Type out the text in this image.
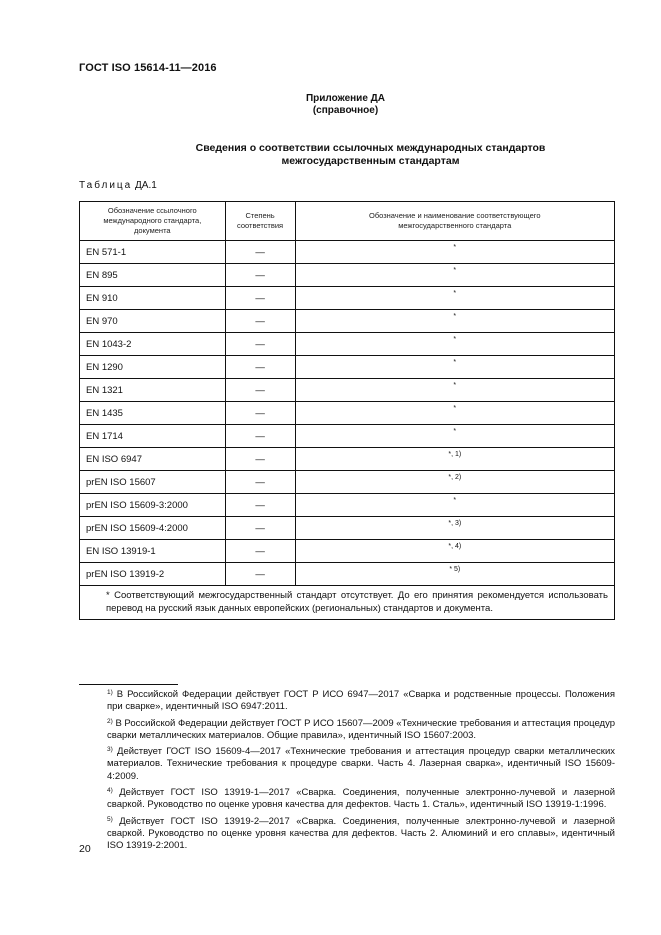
ГОСТ ISO 15614-11—2016
Приложение ДА
(справочное)
Сведения о соответствии ссылочных международных стандартов
межгосударственным стандартам
Таблица ДА.1
Обозначение ссылочного международного стандарта, документа	Степень соответствия	Обозначение и наименование соответствующего межгосударственного стандарта
EN 571-1	—	*
EN 895	—	*
EN 910	—	*
EN 970	—	*
EN 1043-2	—	*
EN 1290	—	*
EN 1321	—	*
EN 1435	—	*
EN 1714	—	*
EN ISO 6947	—	*, 1)
prEN ISO 15607	—	*, 2)
prEN ISO 15609-3:2000	—	*
prEN ISO 15609-4:2000	—	*, 3)
EN ISO 13919-1	—	*, 4)
prEN ISO 13919-2	—	* 5)

* Соответствующий межгосударственный стандарт отсутствует. До его принятия рекомендуется использовать перевод на русский язык данных европейских (региональных) стандартов и документа.		
$^{1)}$ В Российской Федерации действует ГОСТ Р ИСО 6947—2017 «Сварка и родственные процессы. Положения при сварке», идентичный ISO 6947:2011.
$^{2)}$ В Российской Федерации действует ГОСТ Р ИСО 15607—2009 «Технические требования и аттестация процедур сварки металлических материалов. Общие правила», идентичный ISO 15607:2003.
$^{3)}$ Действует ГОСТ ISO 15609-4—2017 «Технические требования и аттестация процедур сварки металлических материалов. Технические требования к процедуре сварки. Часть 4. Лазерная сварка», идентичный ISO 15609-4:2009.
$^{4)}$ Действует ГОСТ ISO 13919-1—2017 «Сварка. Соединения, полученные электронно-лучевой и лазерной сваркой. Руководство по оценке уровня качества для дефектов. Часть 1. Сталь», идентичный ISO 13919-1:1996.
$^{5)}$ Действует ГОСТ ISO 13919-2—2017 «Сварка. Соединения, полученные электронно-лучевой и лазерной сваркой. Руководство по оценке уровня качества для дефектов. Часть 2. Алюминий и его сплавы», идентичный ISO 13919-2:2001.
20
